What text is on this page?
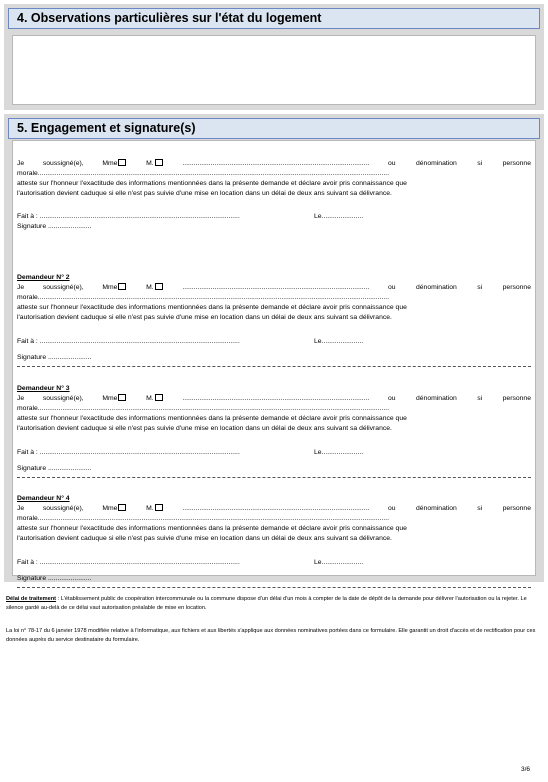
4. Observations particulières sur l'état du logement
5. Engagement et signature(s)
Je	soussigné(e),	Mme	M.	...................................................................................................	ou	dénomination	si	personne
morale..........................................................................................................................................................................................
atteste sur l'honneur l'exactitude des informations mentionnées dans la présente demande et déclare avoir pris connaissance que
l'autorisation devient caduque si elle n'est pas suivie d'une mise en location dans un délai de deux ans suivant sa délivrance.
Fait à : ..........................................................................................................	Le......................
Signature .......................
Demandeur N° 2
Je	soussigné(e),	Mme	M.	...................................................................................................	ou	dénomination	si	personne
morale..........................................................................................................................................................................................
atteste sur l'honneur l'exactitude des informations mentionnées dans la présente demande et déclare avoir pris connaissance que
l'autorisation devient caduque si elle n'est pas suivie d'une mise en location dans un délai de deux ans suivant sa délivrance.
Fait à : ..........................................................................................................	Le......................
Signature .......................
Demandeur N° 3
Je	soussigné(e),	Mme	M.	...................................................................................................	ou	dénomination	si	personne
morale..........................................................................................................................................................................................
atteste sur l'honneur l'exactitude des informations mentionnées dans la présente demande et déclare avoir pris connaissance que
l'autorisation devient caduque si elle n'est pas suivie d'une mise en location dans un délai de deux ans suivant sa délivrance.
Fait à : ..........................................................................................................	Le......................
Signature .......................
Demandeur N° 4
Je	soussigné(e),	Mme	M.	...................................................................................................	ou	dénomination	si	personne
morale..........................................................................................................................................................................................
atteste sur l'honneur l'exactitude des informations mentionnées dans la présente demande et déclare avoir pris connaissance que
l'autorisation devient caduque si elle n'est pas suivie d'une mise en location dans un délai de deux ans suivant sa délivrance.
Fait à : ..........................................................................................................	Le......................
Signature .......................
Délai de traitement : L'établissement public de coopération intercommunale ou la commune dispose d'un délai d'un mois à compter de la date de dépôt de la demande pour délivrer l'autorisation ou la rejeter. Le silence gardé au-delà de ce délai vaut autorisation préalable de mise en location.
La loi n° 78-17 du 6 janvier 1978 modifiée relative à l'informatique, aux fichiers et aux libertés s'applique aux données nominatives portées dans ce formulaire. Elle garantit un droit d'accès et de rectification pour ces données auprès du service destinataire du formulaire.
3/6
